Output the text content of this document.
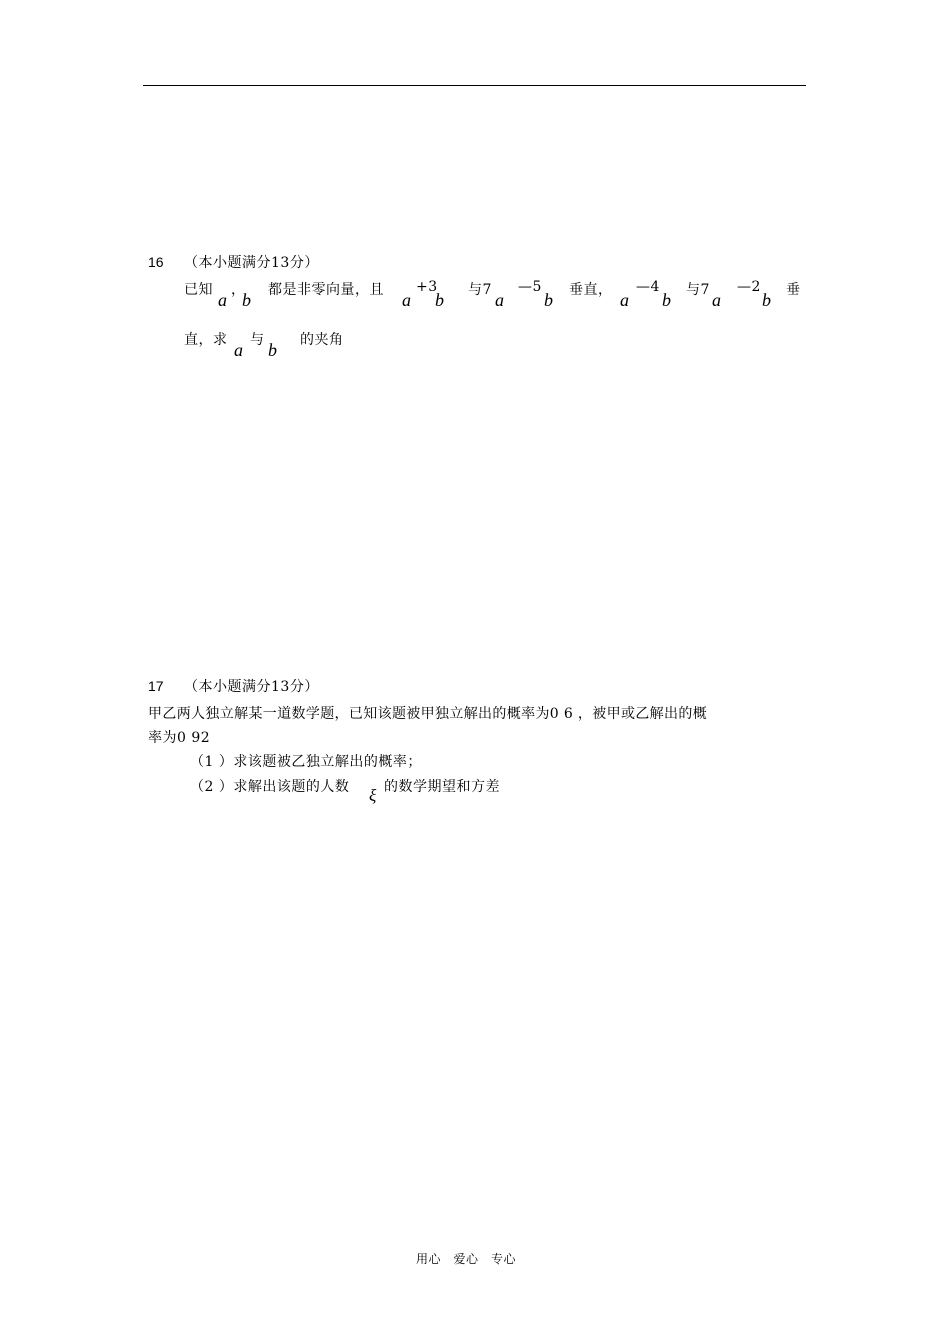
16 （本小题满分13分）
已知 a ，
b 都是非零向量，且 a
+3
b 与7 a
—5
b 垂直， a
—4
b 与7 a
—2
b 垂
直，求 a 与 b 的夹角
17 （本小题满分13分）
甲乙两人独立解某一道数学题，已知该题被甲独立解出的概率为0 6 ，被甲或乙解出的概
率为0 92
（1 ）求该题被乙独立解出的概率；
（2 ）求解出该题的人数 ξ 的数学期望和方差
用心　爱心　专心
